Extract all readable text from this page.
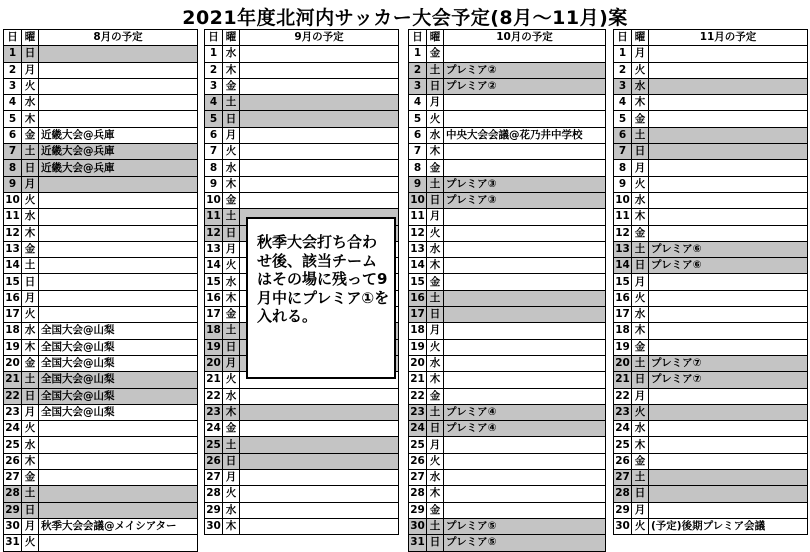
2021年度北河内サッカー大会予定(8月～11月)案
日	曜	8月の予定
1	日	
2	月	
3	火	
4	水	
5	木	
6	金	近畿大会@兵庫
7	土	近畿大会@兵庫
8	日	近畿大会@兵庫
9	月	
10	火	
11	水	
12	木	
13	金	
14	土	
15	日	
16	月	
17	火	
18	水	全国大会@山梨
19	木	全国大会@山梨
20	金	全国大会@山梨
21	土	全国大会@山梨
22	日	全国大会@山梨
23	月	全国大会@山梨
24	火	
25	水	
26	木	
27	金	
28	土	
29	日	
30	月	秋季大会会議@メイシアター
31	火	
日	曜	9月の予定
1	水	
2	木	
3	金	
4	土	
5	日	
6	月	
7	火	
8	水	
9	木	
10	金	
11	土	
12	日	
13	月	
14	火	
15	水	
16	木	
17	金	
18	土	
19	日	
20	月	
21	火	
22	水	
23	木	
24	金	
25	土	
26	日	
27	月	
28	火	
29	水	
30	木	
日	曜	10月の予定
1	金	
2	土	プレミア②
3	日	プレミア②
4	月	
5	火	
6	水	中央大会会議@花乃井中学校
7	木	
8	金	
9	土	プレミア③
10	日	プレミア③
11	月	
12	火	
13	水	
14	木	
15	金	
16	土	
17	日	
18	月	
19	火	
20	水	
21	木	
22	金	
23	土	プレミア④
24	日	プレミア④
25	月	
26	火	
27	水	
28	木	
29	金	
30	土	プレミア⑤
31	日	プレミア⑤
日	曜	11月の予定
1	月	
2	火	
3	水	
4	木	
5	金	
6	土	
7	日	
8	月	
9	火	
10	水	
11	木	
12	金	
13	土	プレミア⑥
14	日	プレミア⑥
15	月	
16	火	
17	水	
18	木	
19	金	
20	土	プレミア⑦
21	日	プレミア⑦
22	月	
23	火	
24	水	
25	木	
26	金	
27	土	
28	日	
29	月	
30	火	(予定)後期プレミア会議
秋季大会打ち合わせ後、該当チームはその場に残って9月中にプレミア①を入れる。
